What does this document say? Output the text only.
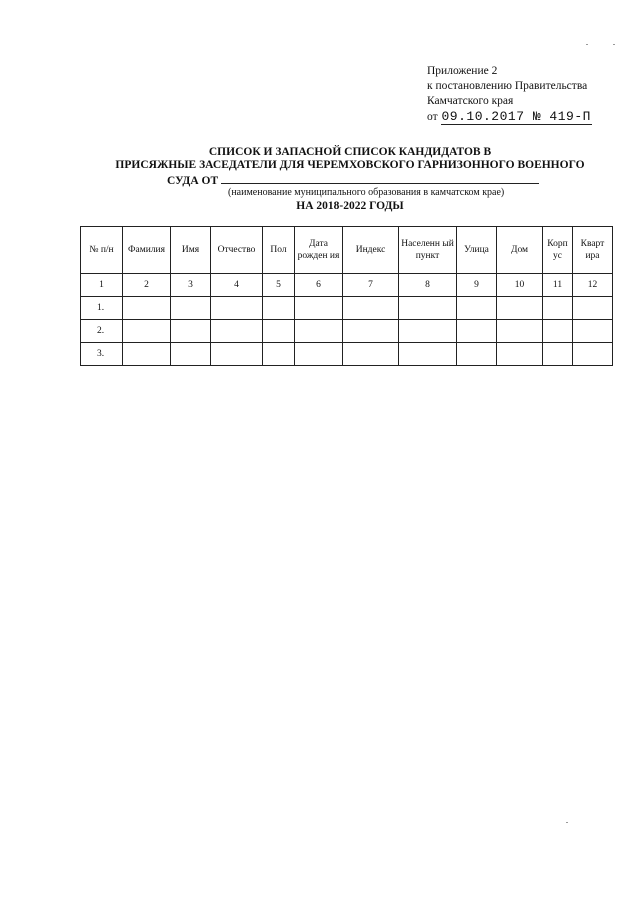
Приложение 2
к постановлению Правительства
Камчатского края
от 09.10.2017 № 419-П
СПИСОК И ЗАПАСНОЙ СПИСОК КАНДИДАТОВ В
ПРИСЯЖНЫЕ ЗАСЕДАТЕЛИ ДЛЯ ЧЕРЕМХОВСКОГО ГАРНИЗОННОГО ВОЕННОГО
СУДА ОТ
(наименование муниципального образования в камчатском крае)
НА 2018-2022 ГОДЫ
№ п/н	Фамилия	Имя	Отчество	Пол	Дата рожден ия	Индекс	Населенн ый пункт	Улица	Дом	Корп ус	Кварт ира
1	2	3	4	5	6	7	8	9	10	11	12
1.											
2.											
3.											
